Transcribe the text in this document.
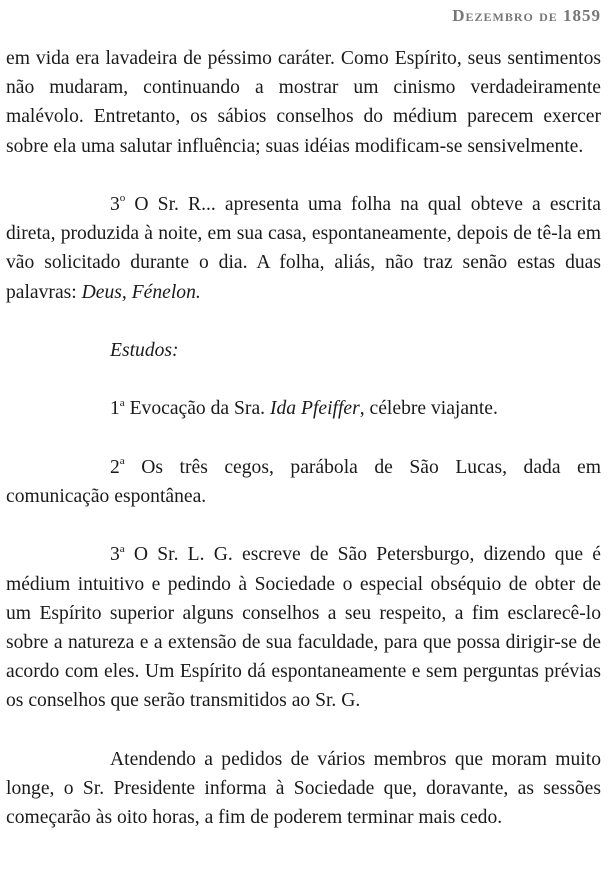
Dezembro de 1859

em vida era lavadeira de péssimo caráter. Como Espírito, seus sentimentos não mudaram, continuando a mostrar um cinismo verdadeiramente malévolo. Entretanto, os sábios conselhos do médium parecem exercer sobre ela uma salutar influência; suas idéias modificam-se sensivelmente.

3$^o$ O Sr. R... apresenta uma folha na qual obteve a escrita direta, produzida à noite, em sua casa, espontaneamente, depois de tê-la em vão solicitado durante o dia. A folha, aliás, não traz senão estas duas palavras: Deus, Fénelon.

Estudos:

1$^a$ Evocação da Sra. Ida Pfeiffer, célebre viajante.

2$^a$ Os três cegos, parábola de São Lucas, dada em comunicação espontânea.

3$^a$ O Sr. L. G. escreve de São Petersburgo, dizendo que é médium intuitivo e pedindo à Sociedade o especial obséquio de obter de um Espírito superior alguns conselhos a seu respeito, a fim esclarecê-lo sobre a natureza e a extensão de sua faculdade, para que possa dirigir-se de acordo com eles. Um Espírito dá espontaneamente e sem perguntas prévias os conselhos que serão transmitidos ao Sr. G.

Atendendo a pedidos de vários membros que moram muito longe, o Sr. Presidente informa à Sociedade que, doravante, as sessões começarão às oito horas, a fim de poderem terminar mais cedo.
